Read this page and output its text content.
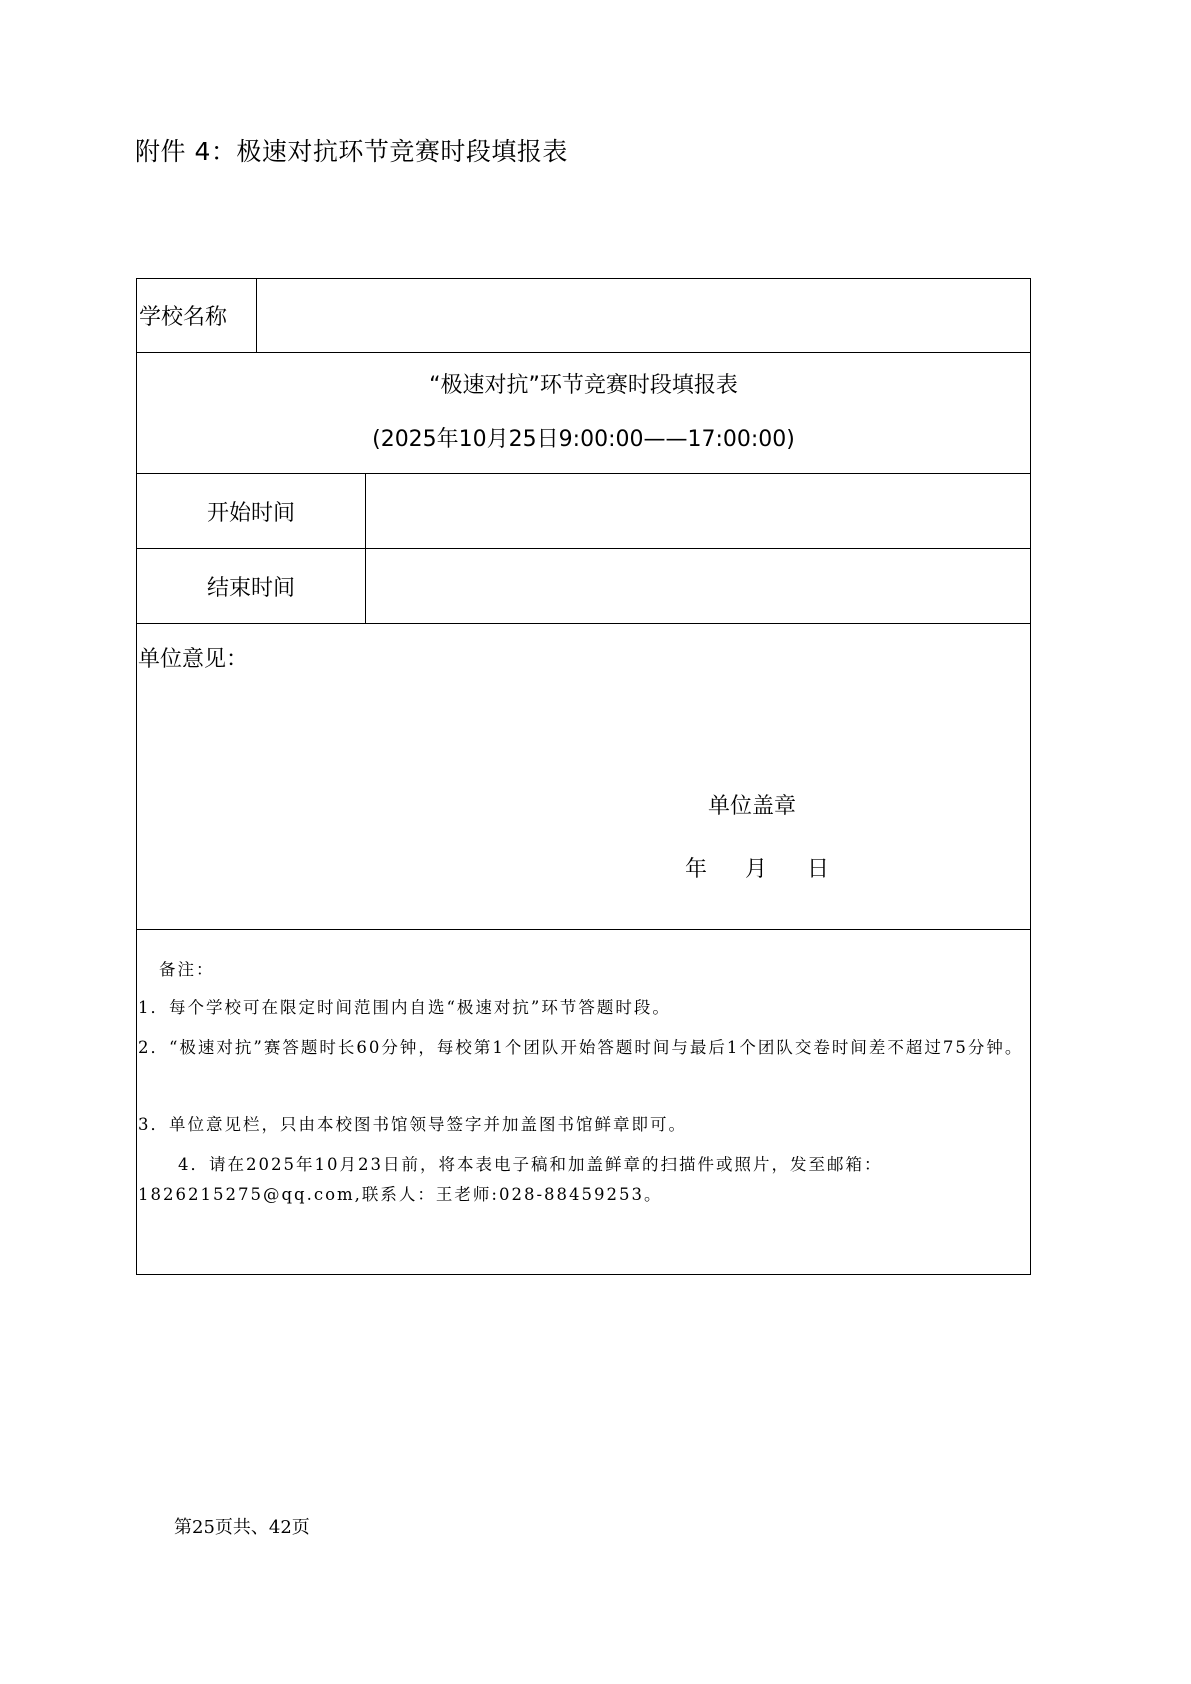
附件 4：极速对抗环节竞赛时段填报表
学校名称
“极速对抗”环节竞赛时段填报表
(2025年10月25日9:00:00——17:00:00)
开始时间
结束时间
单位意见：
单位盖章
年	月	日
备注：
1．每个学校可在限定时间范围内自选“极速对抗”环节答题时段。
2．“极速对抗”赛答题时长60分钟，每校第1个团队开始答题时间与最后1个团队交卷时间差不超过75分钟。
3．单位意见栏，只由本校图书馆领导签字并加盖图书馆鲜章即可。
4．请在2025年10月23日前，将本表电子稿和加盖鲜章的扫描件或照片，发至邮箱：1826215275@qq.com,联系人：王老师:028-88459253。
第25页共、42页
